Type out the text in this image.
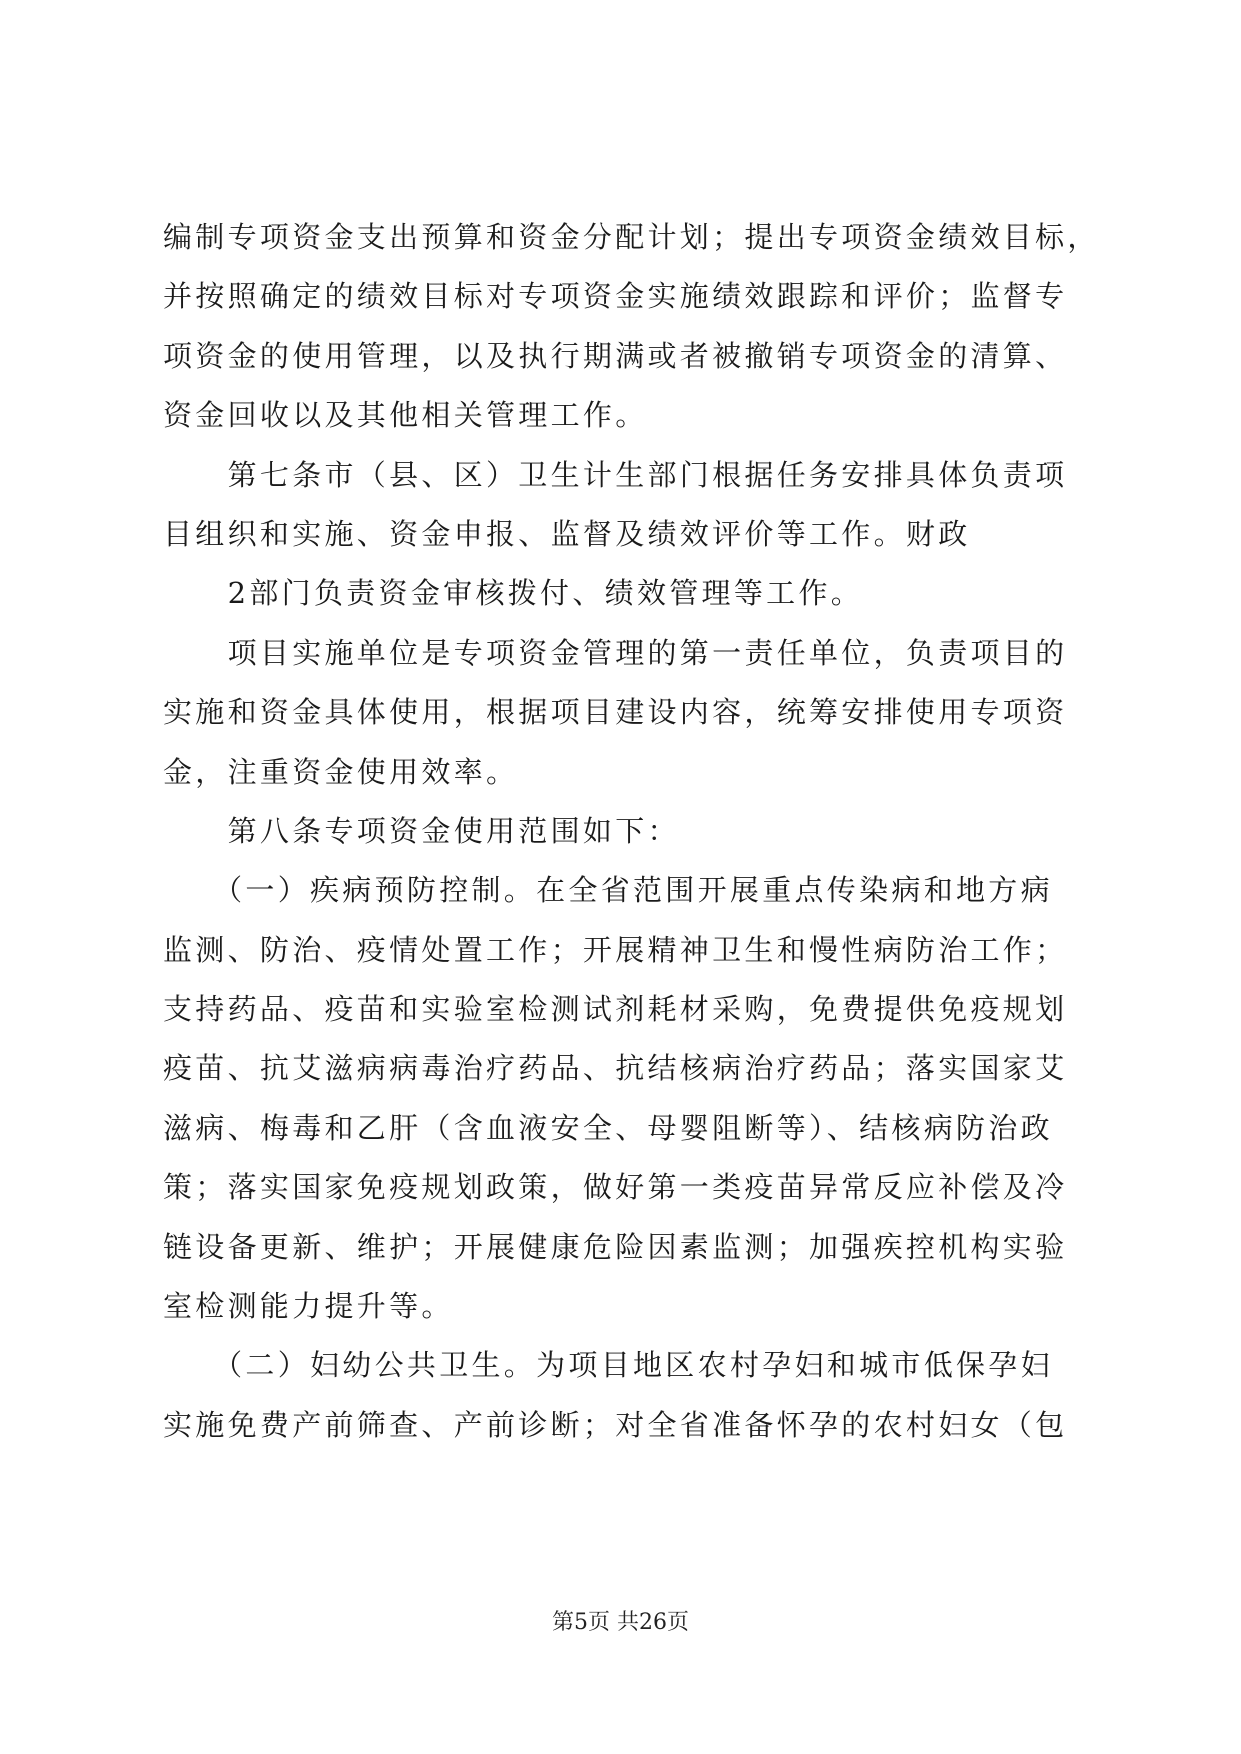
编制专项资金支出预算和资金分配计划；提出专项资金绩效目标，
并按照确定的绩效目标对专项资金实施绩效跟踪和评价；监督专
项资金的使用管理，以及执行期满或者被撤销专项资金的清算、
资金回收以及其他相关管理工作。
　　第七条市（县、区）卫生计生部门根据任务安排具体负责项
目组织和实施、资金申报、监督及绩效评价等工作。财政
　　2部门负责资金审核拨付、绩效管理等工作。
　　项目实施单位是专项资金管理的第一责任单位，负责项目的
实施和资金具体使用，根据项目建设内容，统筹安排使用专项资
金，注重资金使用效率。
　　第八条专项资金使用范围如下：
　　（一）疾病预防控制。在全省范围开展重点传染病和地方病
监测、防治、疫情处置工作；开展精神卫生和慢性病防治工作；
支持药品、疫苗和实验室检测试剂耗材采购，免费提供免疫规划
疫苗、抗艾滋病病毒治疗药品、抗结核病治疗药品；落实国家艾
滋病、梅毒和乙肝（含血液安全、母婴阻断等）、结核病防治政
策；落实国家免疫规划政策，做好第一类疫苗异常反应补偿及冷
链设备更新、维护；开展健康危险因素监测；加强疾控机构实验
室检测能力提升等。
　　（二）妇幼公共卫生。为项目地区农村孕妇和城市低保孕妇
实施免费产前筛查、产前诊断；对全省准备怀孕的农村妇女（包
第5页 共26页
